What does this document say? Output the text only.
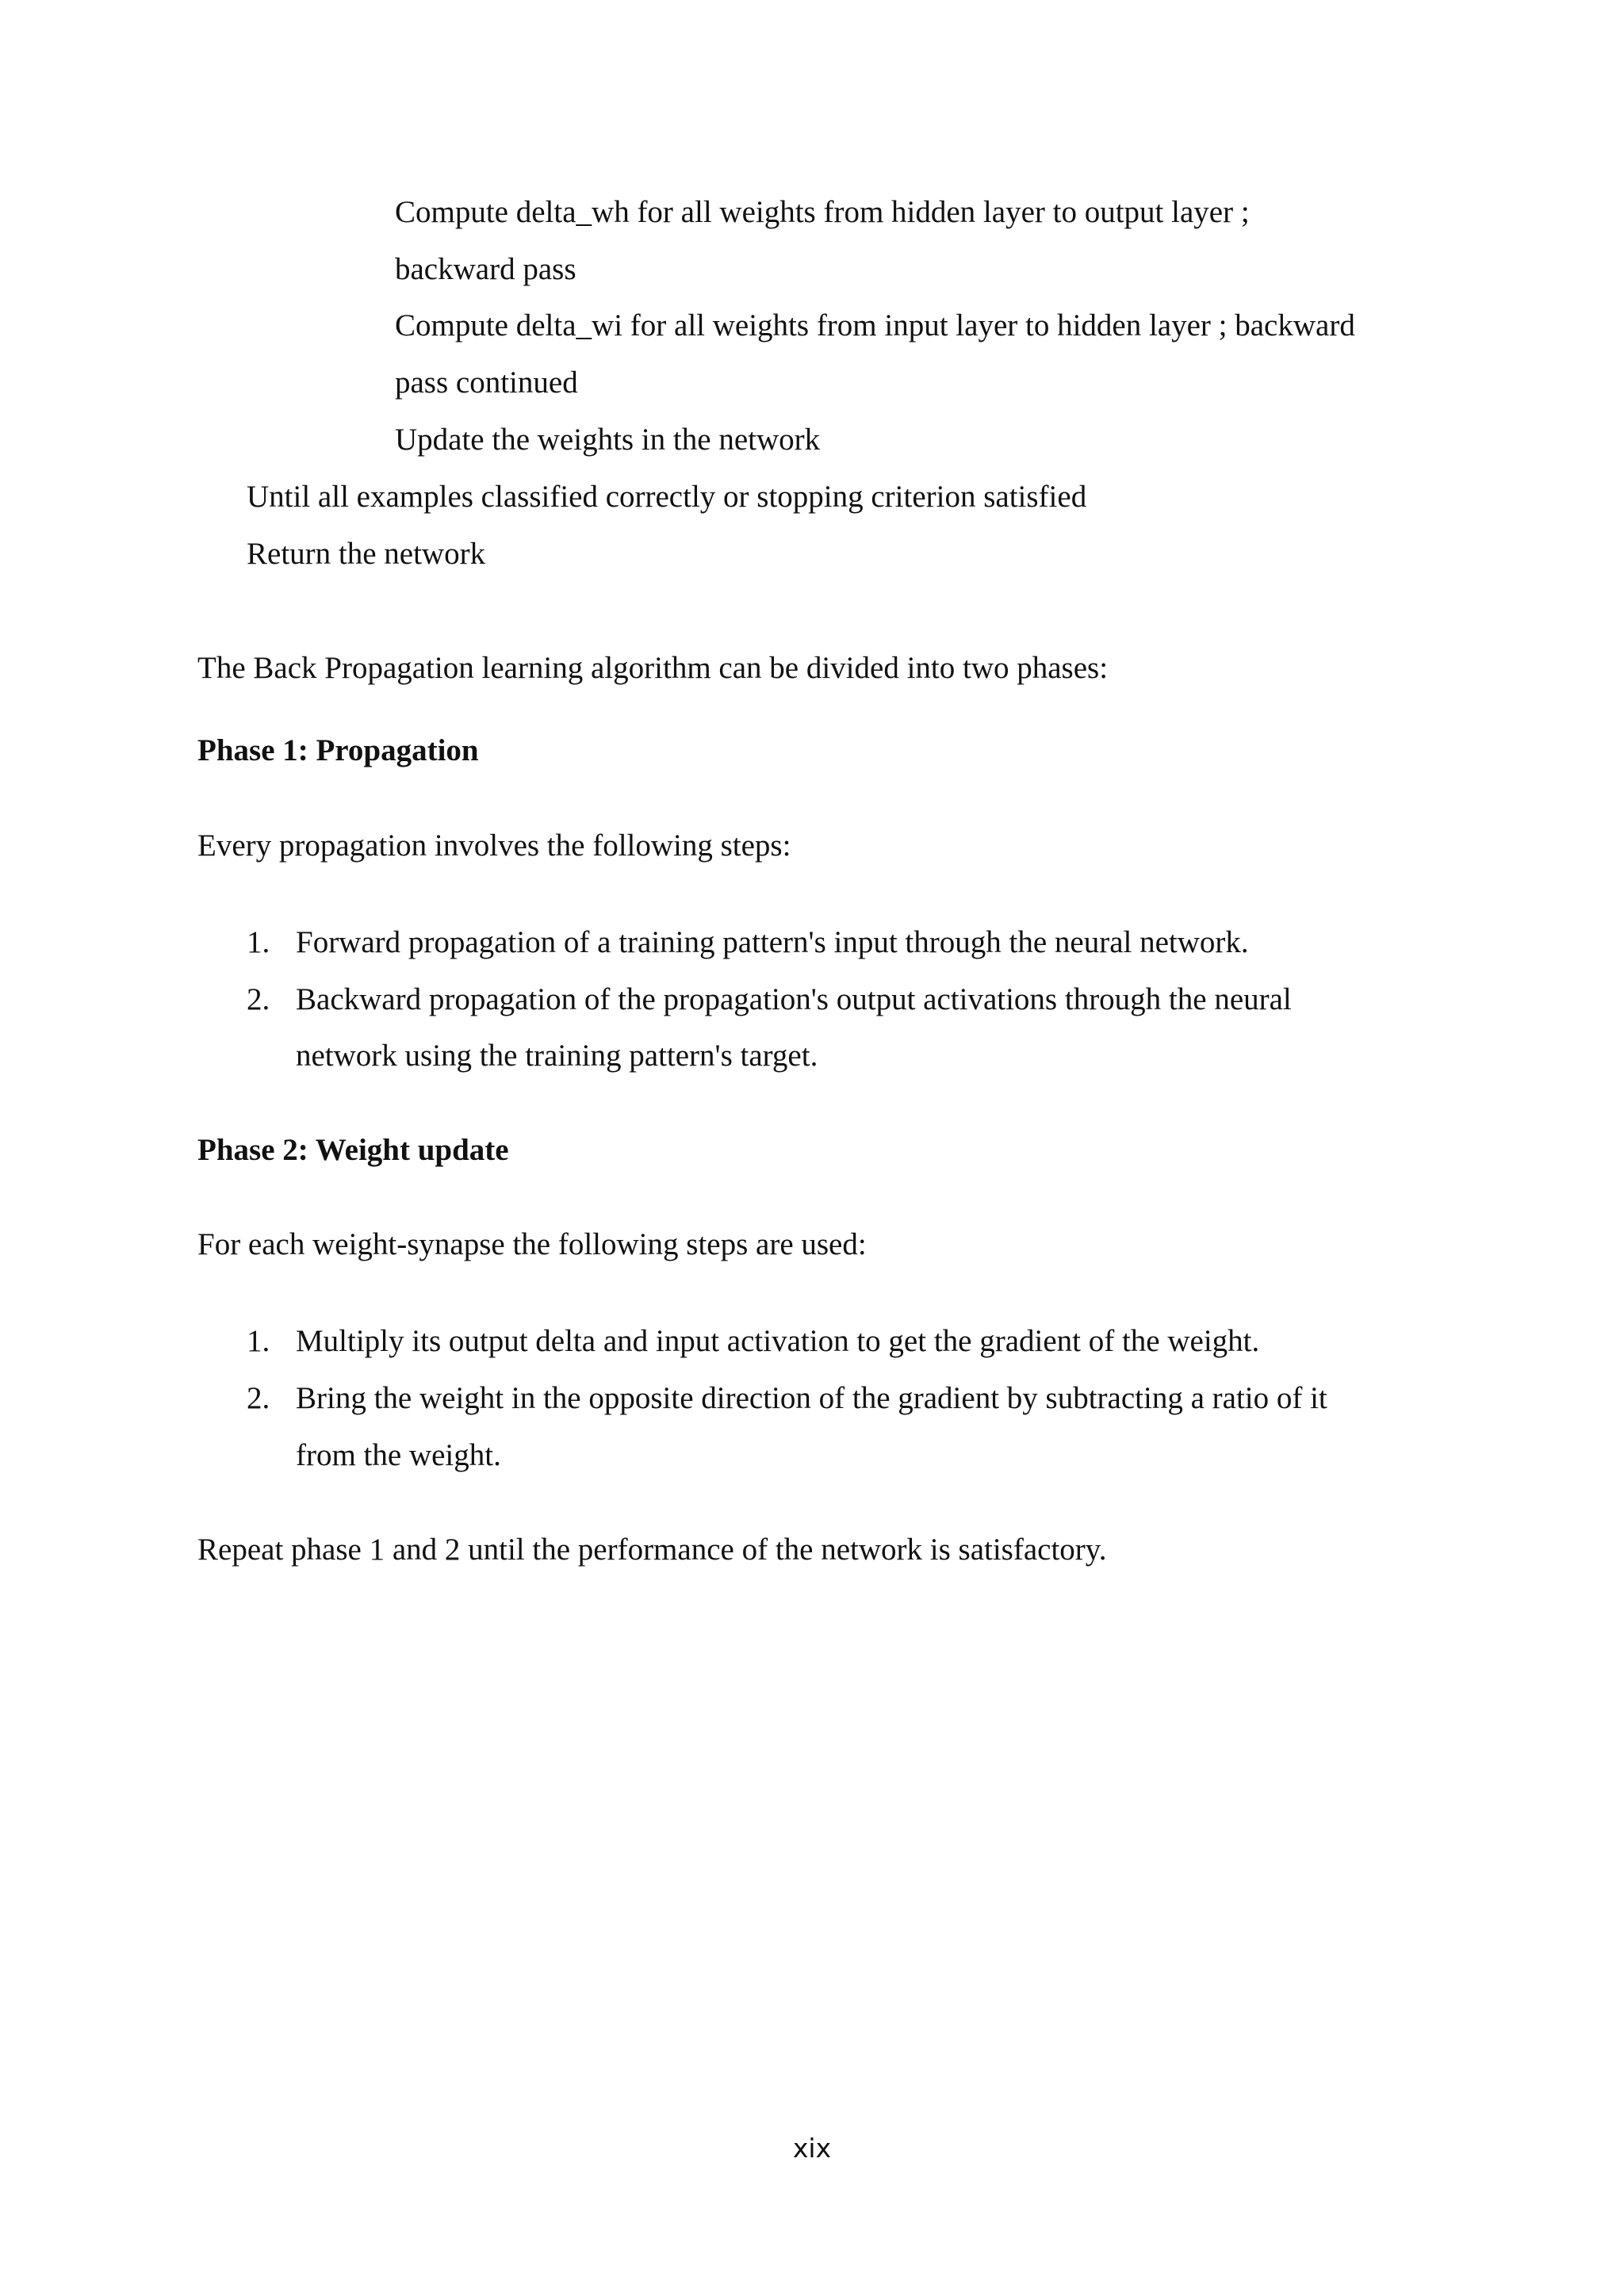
Compute delta_wh for all weights from hidden layer to output layer ;
backward pass
Compute delta_wi for all weights from input layer to hidden layer ; backward
pass continued
Update the weights in the network
Until all examples classified correctly or stopping criterion satisfied
Return the network
The Back Propagation learning algorithm can be divided into two phases:
Phase 1: Propagation
Every propagation involves the following steps:
1. Forward propagation of a training pattern's input through the neural network.
2. Backward propagation of the propagation's output activations through the neural
network using the training pattern's target.
Phase 2: Weight update
For each weight-synapse the following steps are used:
1. Multiply its output delta and input activation to get the gradient of the weight.
2. Bring the weight in the opposite direction of the gradient by subtracting a ratio of it
from the weight.
Repeat phase 1 and 2 until the performance of the network is satisfactory.
xix
